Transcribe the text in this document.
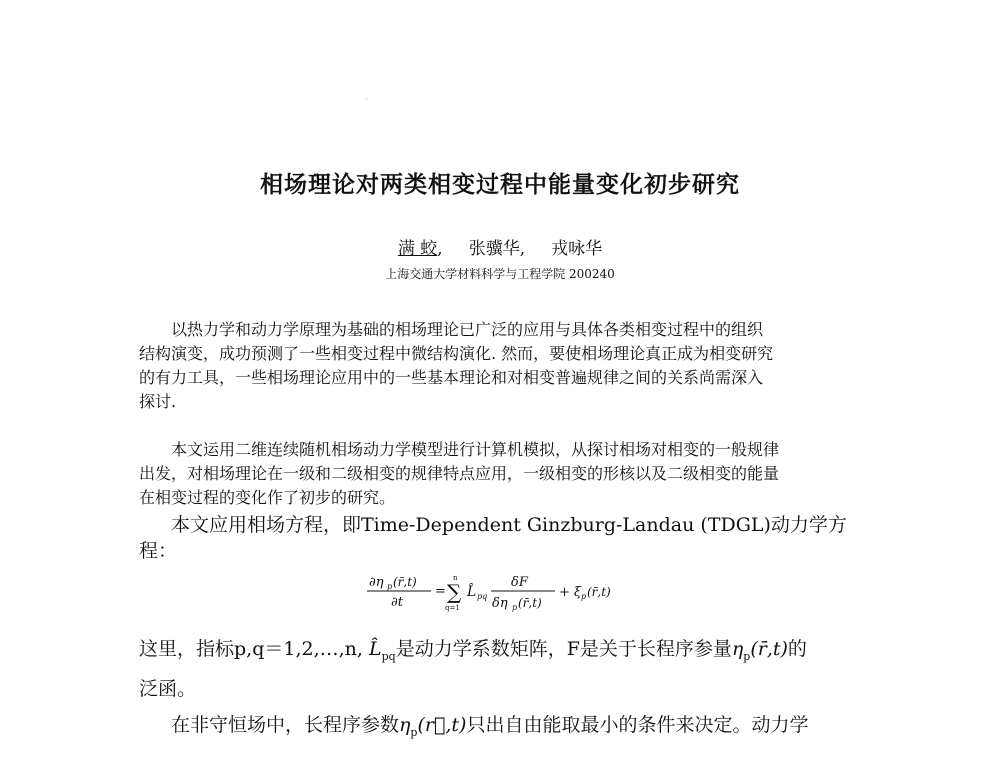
·
相场理论对两类相变过程中能量变化初步研究
满 蛟, 张骥华, 戎咏华
上海交通大学材料科学与工程学院 200240
以热力学和动力学原理为基础的相场理论已广泛的应用与具体各类相变过程中的组织
结构演变，成功预测了一些相变过程中微结构演化. 然而，要使相场理论真正成为相变研究
的有力工具，一些相场理论应用中的一些基本理论和对相变普遍规律之间的关系尚需深入
探讨.
本文运用二维连续随机相场动力学模型进行计算机模拟，从探讨相场对相变的一般规律
出发，对相场理论在一级和二级相变的规律特点应用，一级相变的形核以及二级相变的能量
在相变过程的变化作了初步的研究。
本文应用相场方程，即Time-Dependent Ginzburg-Landau (TDGL)动力学方
程：
∂η p (r̄,t)
∂t
=
n
∑
q=1
L̂ pq
δF
δη p (r̄,t)
+ ξ p (r̄,t)
这里，指标p,q＝1,2,…,n, $L̂_{pq}$是动力学系数矩阵，F是关于长程序参量$\eta_p(r̄,t)$的
泛函。
在非守恒场中，长程序参数$\eta_p(r⃗,t)$只出自由能取最小的条件来决定。动力学
